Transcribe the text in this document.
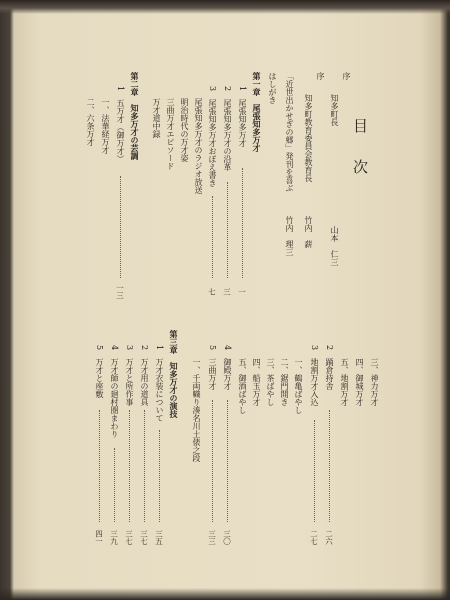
目次
序
知多町長
山本　仁三
序
知多町教育委員会教育長
竹内　薪
「近世出かせぎの郷」発刊を喜ぶ
竹内　理三
はしがき
第一章　尾張知多万才
1　尾張知多万才
一
2　尾張知多万才の沿革
三
3　尾張知多万才おぼえ書き
七
尾張知多万才のラジオ放送
明治時代の万才姿
三曲万才エピソード
万才道中録
第二章　知多万才の芸調
1　五万才（御万才）
一三
一、法華経万才
二、六条万才
三、神力万才
四、御城万才
五、地割万才
2　踊倉持舎
二六
3　地割万才入込
二七
一、鶴亀ばやし
二、鋸門開き
三、茶ばやし
四、船玉万才
五、御酒ばやし
4　御殿万才
三〇
5　三曲万才
三三
一、千両幟り湊名川土俵之段
第三章　知多万才の演技
1　万才衣装について
三五
2　万才用の道具
三七
3　万才と所作事
三七
4　万才師の廻村圏まわり
三九
5　万才と座敷
四一
